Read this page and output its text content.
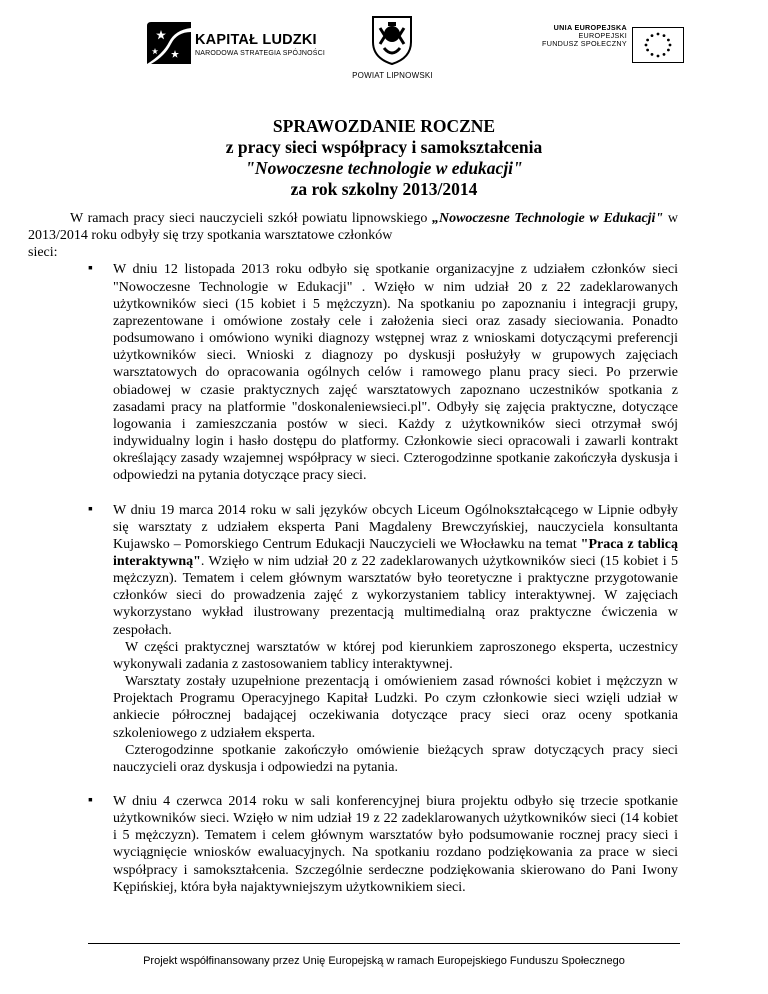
KAPITAŁ LUDZKI
NARODOWA STRATEGIA SPÓJNOŚCI
POWIAT LIPNOWSKI
UNIA EUROPEJSKA
EUROPEJSKI
FUNDUSZ SPOŁECZNY
SPRAWOZDANIE ROCZNE
z pracy sieci współpracy i samokształcenia
"Nowoczesne technologie w edukacji"
za rok szkolny 2013/2014

W ramach pracy sieci nauczycieli szkół powiatu lipnowskiego „Nowoczesne Technologie w Edukacji" w 2013/2014 roku odbyły się trzy spotkania warsztatowe członków

sieci:

▪ W dniu 12 listopada 2013 roku odbyło się spotkanie organizacyjne z udziałem członków sieci "Nowoczesne Technologie w Edukacji" . Wzięło w nim udział 20 z 22 zadeklarowanych użytkowników sieci (15 kobiet i 5 mężczyzn). Na spotkaniu po zapoznaniu i integracji grupy, zaprezentowane i omówione zostały cele i założenia sieci oraz zasady sieciowania. Ponadto podsumowano i omówiono wyniki diagnozy wstępnej wraz z wnioskami dotyczącymi preferencji użytkowników sieci. Wnioski z diagnozy po dyskusji posłużyły w grupowych zajęciach warsztatowych do opracowania ogólnych celów i ramowego planu pracy sieci. Po przerwie obiadowej w czasie praktycznych zajęć warsztatowych zapoznano uczestników spotkania z zasadami pracy na platformie "doskonaleniewsieci.pl". Odbyły się zajęcia praktyczne, dotyczące logowania i zamieszczania postów w sieci. Każdy z użytkowników sieci otrzymał swój indywidualny login i hasło dostępu do platformy. Członkowie sieci opracowali i zawarli kontrakt określający zasady wzajemnej współpracy w sieci. Czterogodzinne spotkanie zakończyła dyskusja i odpowiedzi na pytania dotyczące pracy sieci.

▪ W dniu 19 marca 2014 roku w sali języków obcych Liceum Ogólnokształcącego w Lipnie odbyły się warsztaty z udziałem eksperta Pani Magdaleny Brewczyńskiej, nauczyciela konsultanta Kujawsko – Pomorskiego Centrum Edukacji Nauczycieli we Włocławku na temat "Praca z tablicą interaktywną". Wzięło w nim udział 20 z 22 zadeklarowanych użytkowników sieci (15 kobiet i 5 mężczyzn). Tematem i celem głównym warsztatów było teoretyczne i praktyczne przygotowanie członków sieci do prowadzenia zajęć z wykorzystaniem tablicy interaktywnej. W zajęciach wykorzystano wykład ilustrowany prezentacją multimedialną oraz praktyczne ćwiczenia w zespołach.

W części praktycznej warsztatów w której pod kierunkiem zaproszonego eksperta, uczestnicy wykonywali zadania z zastosowaniem tablicy interaktywnej.

Warsztaty zostały uzupełnione prezentacją i omówieniem zasad równości kobiet i mężczyzn w Projektach Programu Operacyjnego Kapitał Ludzki. Po czym członkowie sieci wzięli udział w ankiecie półrocznej badającej oczekiwania dotyczące pracy sieci oraz oceny spotkania szkoleniowego z udziałem eksperta.

Czterogodzinne spotkanie zakończyło omówienie bieżących spraw dotyczących pracy sieci nauczycieli oraz dyskusja i odpowiedzi na pytania.

▪ W dniu 4 czerwca 2014 roku w sali konferencyjnej biura projektu odbyło się trzecie spotkanie użytkowników sieci. Wzięło w nim udział 19 z 22 zadeklarowanych użytkowników sieci (14 kobiet i 5 mężczyzn). Tematem i celem głównym warsztatów było podsumowanie rocznej pracy sieci i wyciągnięcie wniosków ewaluacyjnych. Na spotkaniu rozdano podziękowania za prace w sieci współpracy i samokształcenia. Szczególnie serdeczne podziękowania skierowano do Pani Iwony Kępińskiej, która była najaktywniejszym użytkownikiem sieci.

Projekt współfinansowany przez Unię Europejską w ramach Europejskiego Funduszu Społecznego
